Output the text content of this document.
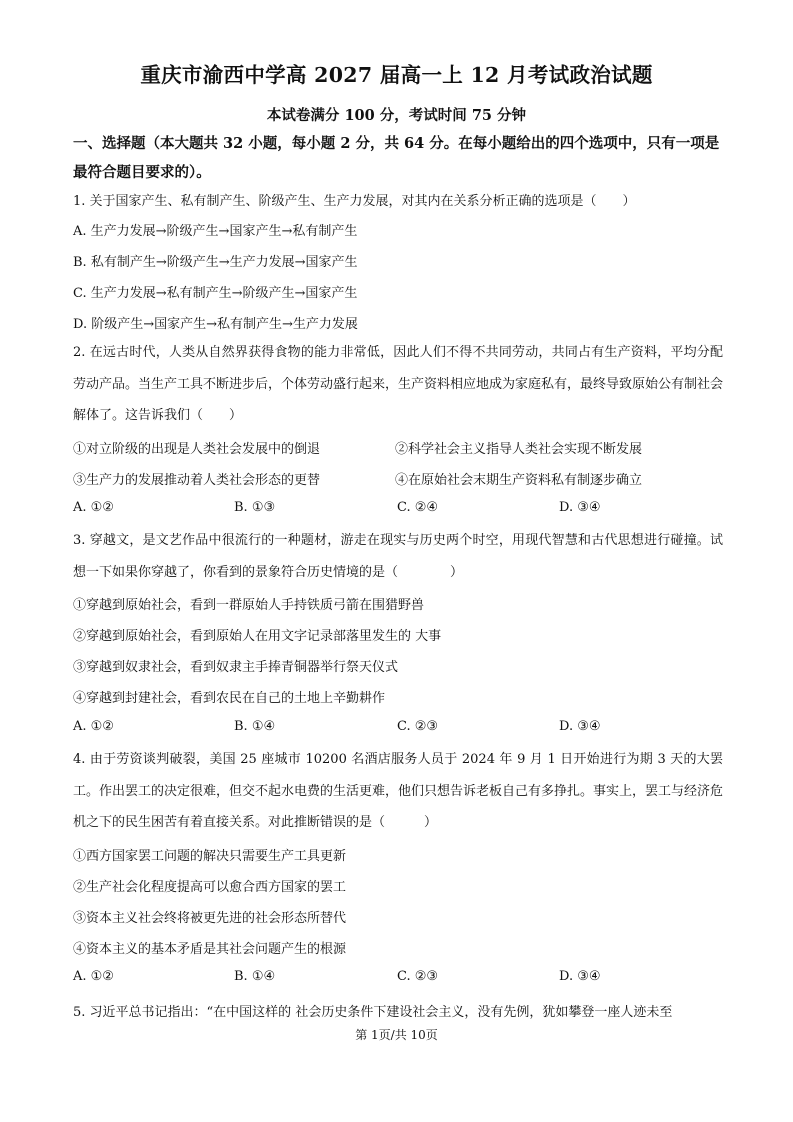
重庆市渝西中学高 2027 届高一上 12 月考试政治试题
本试卷满分 100 分，考试时间 75 分钟
一、选择题（本大题共 32 小题，每小题 2 分，共 64 分。在每小题给出的四个选项中，只有一项是最符合题目要求的）。
1. 关于国家产生、私有制产生、阶级产生、生产力发展，对其内在关系分析正确的选项是（　　）
A. 生产力发展→阶级产生→国家产生→私有制产生
B. 私有制产生→阶级产生→生产力发展→国家产生
C. 生产力发展→私有制产生→阶级产生→国家产生
D. 阶级产生→国家产生→私有制产生→生产力发展
2. 在远古时代，人类从自然界获得食物的能力非常低，因此人们不得不共同劳动，共同占有生产资料，平均分配劳动产品。当生产工具不断进步后，个体劳动盛行起来，生产资料相应地成为家庭私有，最终导致原始公有制社会解体了。这告诉我们（　　）
①对立阶级的出现是人类社会发展中的倒退	②科学社会主义指导人类社会实现不断发展
③生产力的发展推动着人类社会形态的更替	④在原始社会末期生产资料私有制逐步确立
A. ①②	B. ①③	C. ②④	D. ③④
3. 穿越文，是文艺作品中很流行的一种题材，游走在现实与历史两个时空，用现代智慧和古代思想进行碰撞。试想一下如果你穿越了，你看到的景象符合历史情境的是（　　　　）
①穿越到原始社会，看到一群原始人手持铁质弓箭在围猎野兽
②穿越到原始社会，看到原始人在用文字记录部落里发生的 大事
③穿越到奴隶社会，看到奴隶主手捧青铜器举行祭天仪式
④穿越到封建社会，看到农民在自己的土地上辛勤耕作
A. ①②	B. ①④	C. ②③	D. ③④
4. 由于劳资谈判破裂，美国 25 座城市 10200 名酒店服务人员于 2024 年 9 月 1 日开始进行为期 3 天的大罢工。作出罢工的决定很难，但交不起水电费的生活更难，他们只想告诉老板自己有多挣扎。事实上，罢工与经济危机之下的民生困苦有着直接关系。对此推断错误的是（　　　）
①西方国家罢工问题的解决只需要生产工具更新
②生产社会化程度提高可以愈合西方国家的罢工
③资本主义社会终将被更先进的社会形态所替代
④资本主义的基本矛盾是其社会问题产生的根源
A. ①②	B. ①④	C. ②③	D. ③④
5. 习近平总书记指出：“在中国这样的 社会历史条件下建设社会主义，没有先例，犹如攀登一座人迹未至
第 1页/共 10页
